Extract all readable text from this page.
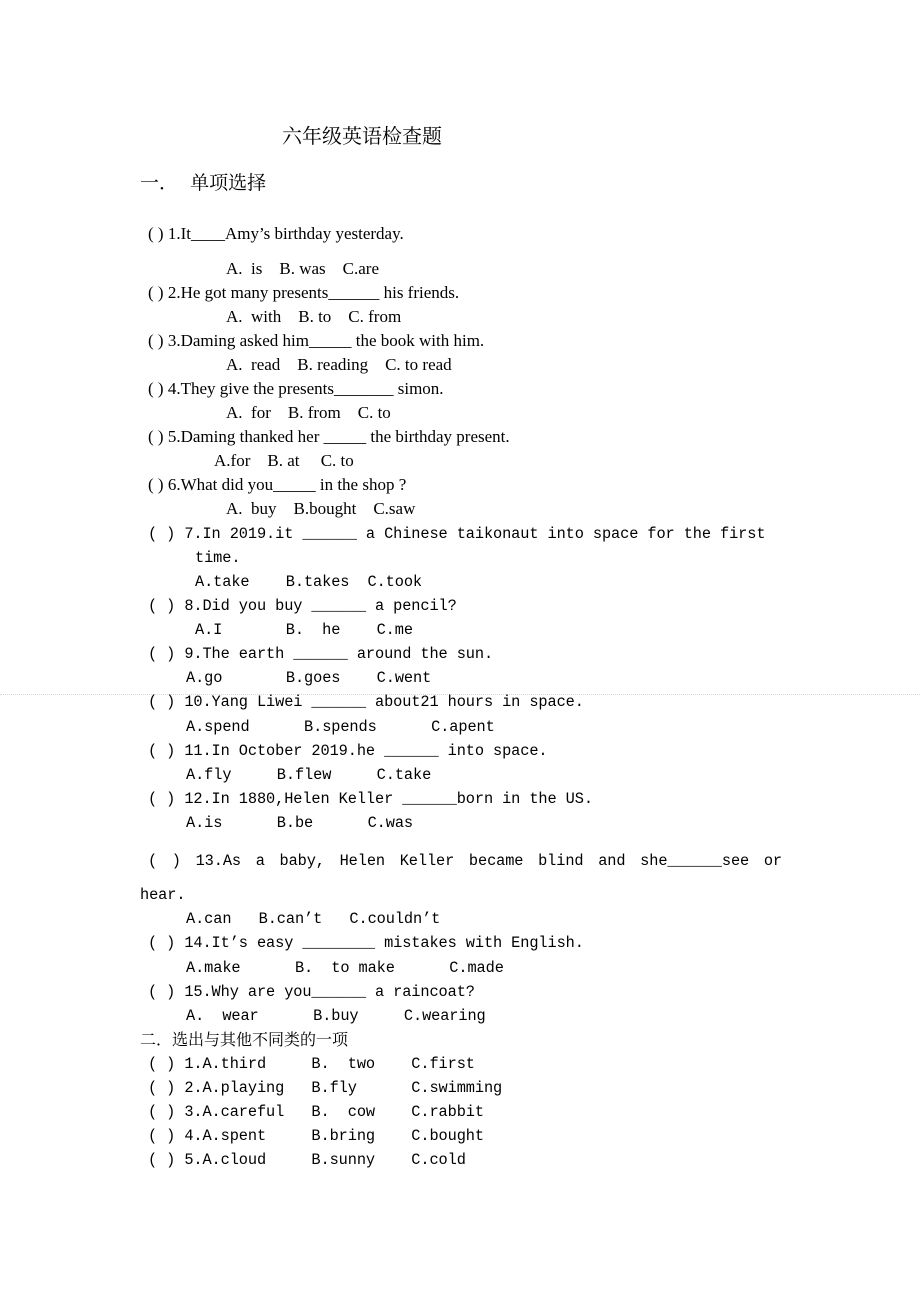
六年级英语检查题
一．  单项选择
( ) 1.It____Amy’s birthday yesterday.
A.  is    B. was    C.are
( ) 2.He got many presents______ his friends.
A.  with    B. to    C. from
( ) 3.Daming asked him_____ the book with him.
A.  read    B. reading    C. to read
( ) 4.They give the presents_______ simon.
A.  for    B. from    C. to
( ) 5.Daming thanked her _____ the birthday present.
A.for    B. at     C. to
( ) 6.What did you_____ in the shop ?
A.  buy    B.bought    C.saw
( ) 7.In 2019.it ______ a Chinese taikonaut into space for the first
time.
A.take    B.takes  C.took
( ) 8.Did you buy ______ a pencil?
A.I       B.  he    C.me
( ) 9.The earth ______ around the sun.
A.go       B.goes    C.went
( ) 10.Yang Liwei ______ about21 hours in space.
A.spend      B.spends      C.apent
( ) 11.In October 2019.he ______ into space.
A.fly     B.flew     C.take
( ) 12.In 1880,Helen Keller ______born in the US.
A.is      B.be      C.was
( ) 13.As a baby, Helen Keller became blind and she______see or
hear.
A.can   B.can’t   C.couldn’t
( ) 14.It’s easy ________ mistakes with English.
A.make      B.  to make      C.made
( ) 15.Why are you______ a raincoat?
A.  wear      B.buy     C.wearing
二．选出与其他不同类的一项
( ) 1.A.third     B.  two    C.first
( ) 2.A.playing   B.fly      C.swimming
( ) 3.A.careful   B.  cow    C.rabbit
( ) 4.A.spent     B.bring    C.bought
( ) 5.A.cloud     B.sunny    C.cold
